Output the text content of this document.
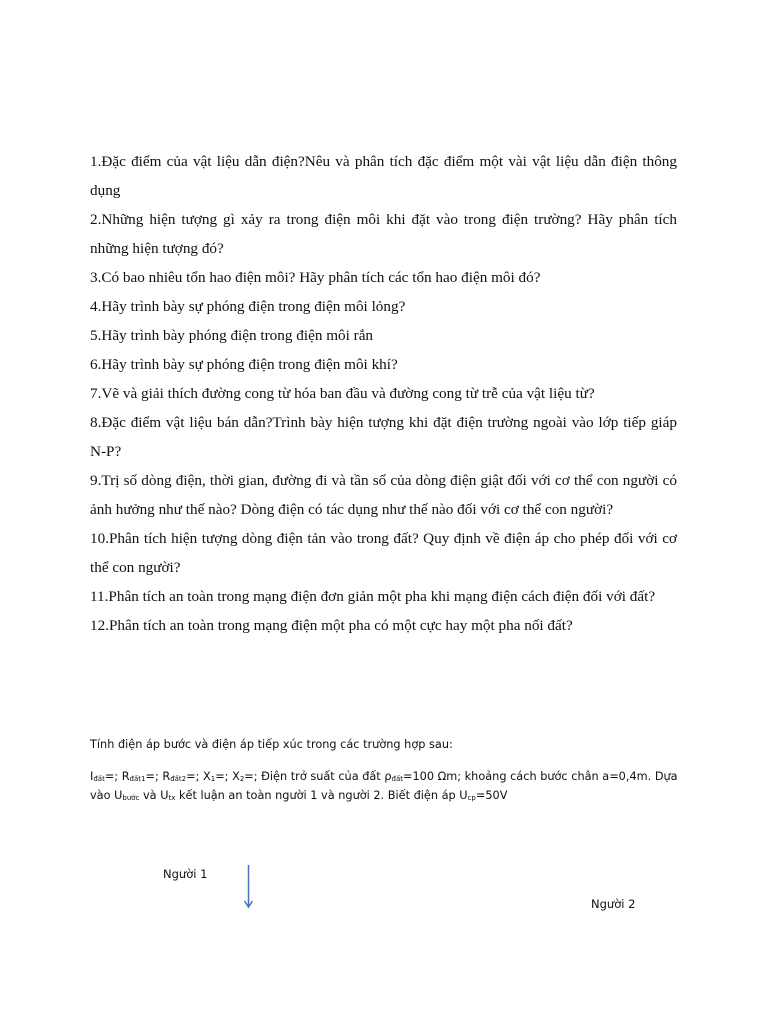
1.Đặc điểm của vật liệu dẫn điện?Nêu và phân tích đặc điểm một vài vật liệu dẫn điện thông dụng

2.Những hiện tượng gì xảy ra trong điện môi khi đặt vào trong điện trường? Hãy phân tích những hiện tượng đó?

3.Có bao nhiêu tổn hao điện môi? Hãy phân tích các tổn hao điện môi đó?

4.Hãy trình bày sự phóng điện trong điện môi lỏng?

5.Hãy trình bày phóng điện trong điện môi rắn

6.Hãy trình bày sự phóng điện trong điện môi khí?

7.Vẽ và giải thích đường cong từ hóa ban đầu và đường cong từ trễ của vật liệu từ?

8.Đặc điểm vật liệu bán dẫn?Trình bày hiện tượng khi đặt điện trường ngoài vào lớp tiếp giáp N-P?

9.Trị số dòng điện, thời gian, đường đi và tần số của dòng điện giật đối với cơ thể con người có ảnh hưởng như thế nào? Dòng điện có tác dụng như thế nào đối với cơ thể con người?

10.Phân tích hiện tượng dòng điện tản vào trong đất? Quy định về điện áp cho phép đối với cơ thể con người?

11.Phân tích an toàn trong mạng điện đơn giản một pha khi mạng điện cách điện đối với đất?

12.Phân tích an toàn trong mạng điện một pha có một cực hay một pha nối đất?

Tính điện áp bước và điện áp tiếp xúc trong các trường hợp sau:

$I_{đất}=$; $R_{đất1}=$; $R_{đất2}=$; $X_1=$; $X_2=$; Điện trở suất của đất $\rho_{đất}=100$ Ωm; khoảng cách bước chân a=0,4m. Dựa vào $U_{bước}$ và $U_{tx}$ kết luận an toàn người 1 và người 2. Biết điện áp $U_{cp}=50V$

Người 1
Người 2
